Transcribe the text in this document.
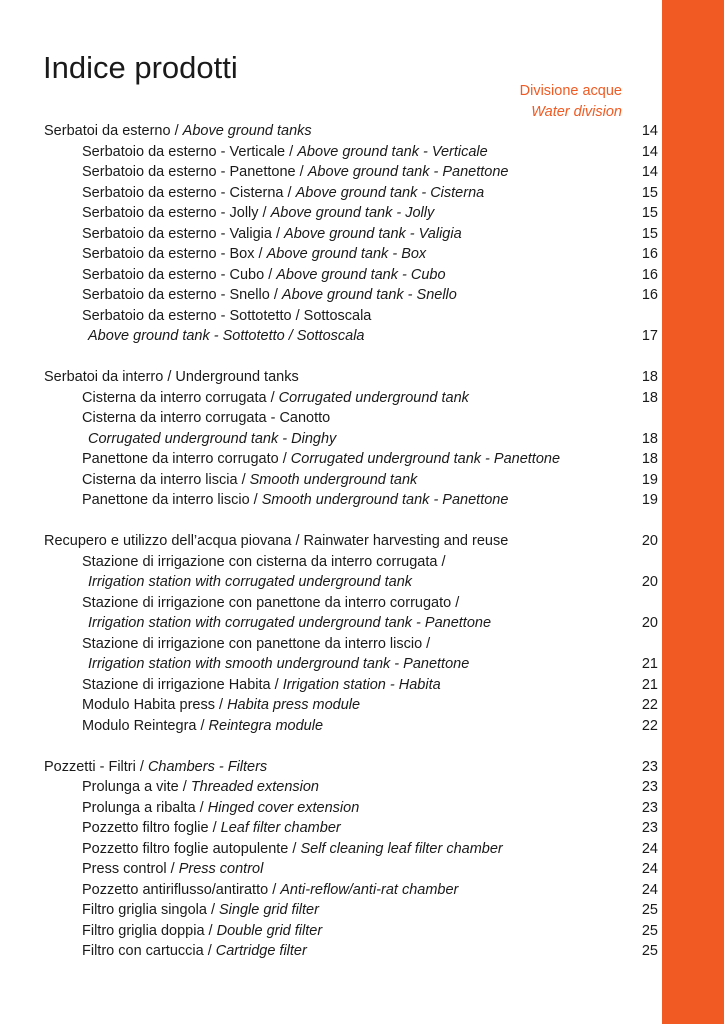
Indice prodotti
Divisione acque
Water division
Serbatoi da esterno / Above ground tanks	14
Serbatoio da esterno - Verticale / Above ground tank - Verticale	14
Serbatoio da esterno - Panettone / Above ground tank - Panettone	14
Serbatoio da esterno - Cisterna / Above ground tank - Cisterna	15
Serbatoio da esterno - Jolly / Above ground tank - Jolly	15
Serbatoio da esterno - Valigia / Above ground tank - Valigia	15
Serbatoio da esterno - Box / Above ground tank - Box	16
Serbatoio da esterno - Cubo / Above ground tank - Cubo	16
Serbatoio da esterno - Snello / Above ground tank - Snello	16
Serbatoio da esterno - Sottotetto / Sottoscala
Above ground tank - Sottotetto / Sottoscala	17
Serbatoi da interro / Underground tanks	18
Cisterna da interro corrugata / Corrugated underground tank	18
Cisterna da interro corrugata - Canotto
Corrugated underground tank - Dinghy	18
Panettone da interro corrugato / Corrugated underground tank - Panettone	18
Cisterna da interro liscia / Smooth underground tank	19
Panettone da interro liscio / Smooth underground tank - Panettone	19
Recupero e utilizzo dell’acqua piovana / Rainwater harvesting and reuse	20
Stazione di irrigazione con cisterna da interro corrugata /
Irrigation station with corrugated underground tank	20
Stazione di irrigazione con panettone da interro corrugato /
Irrigation station with corrugated underground tank - Panettone	20
Stazione di irrigazione con panettone da interro liscio /
Irrigation station with smooth underground tank - Panettone	21
Stazione di irrigazione Habita / Irrigation station - Habita	21
Modulo Habita press / Habita press module	22
Modulo Reintegra / Reintegra module	22
Pozzetti - Filtri / Chambers - Filters	23
Prolunga a vite / Threaded extension	23
Prolunga a ribalta / Hinged cover extension	23
Pozzetto filtro foglie / Leaf filter chamber	23
Pozzetto filtro foglie autopulente / Self cleaning leaf filter chamber	24
Press control / Press control	24
Pozzetto antiriflusso/antiratto / Anti-reflow/anti-rat chamber	24
Filtro griglia singola / Single grid filter	25
Filtro griglia doppia / Double grid filter	25
Filtro con cartuccia / Cartridge filter	25
